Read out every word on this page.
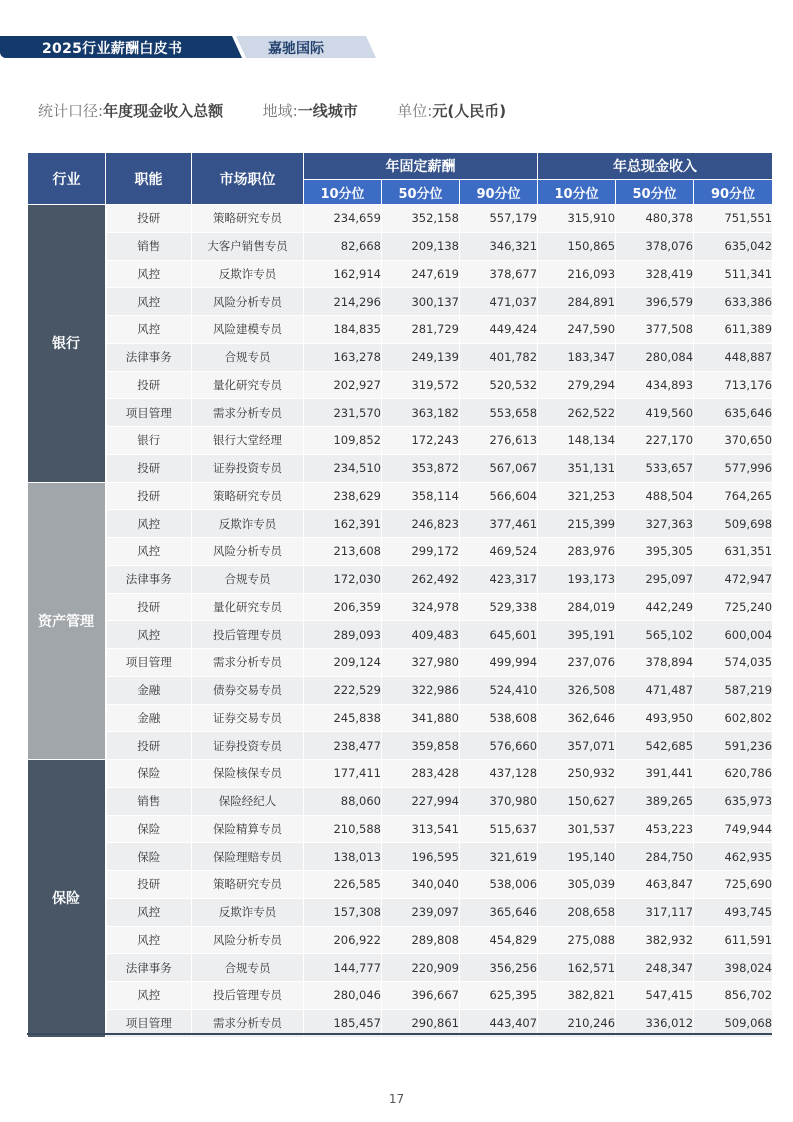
2025行业薪酬白皮书	嘉驰国际
统计口径:年度现金收入总额	地域:一线城市	单位:元(人民币)
行业	职能	市场职位	年固定薪酬			年总现金收入		
			10分位	50分位	90分位	10分位	50分位	90分位
银行	投研	策略研究专员	234,659	352,158	557,179	315,910	480,378	751,551
	销售	大客户销售专员	82,668	209,138	346,321	150,865	378,076	635,042
	风控	反欺诈专员	162,914	247,619	378,677	216,093	328,419	511,341
	风控	风险分析专员	214,296	300,137	471,037	284,891	396,579	633,386
	风控	风险建模专员	184,835	281,729	449,424	247,590	377,508	611,389
	法律事务	合规专员	163,278	249,139	401,782	183,347	280,084	448,887
	投研	量化研究专员	202,927	319,572	520,532	279,294	434,893	713,176
	项目管理	需求分析专员	231,570	363,182	553,658	262,522	419,560	635,646
	银行	银行大堂经理	109,852	172,243	276,613	148,134	227,170	370,650
	投研	证券投资专员	234,510	353,872	567,067	351,131	533,657	577,996
资产管理	投研	策略研究专员	238,629	358,114	566,604	321,253	488,504	764,265
	风控	反欺诈专员	162,391	246,823	377,461	215,399	327,363	509,698
	风控	风险分析专员	213,608	299,172	469,524	283,976	395,305	631,351
	法律事务	合规专员	172,030	262,492	423,317	193,173	295,097	472,947
	投研	量化研究专员	206,359	324,978	529,338	284,019	442,249	725,240
	风控	投后管理专员	289,093	409,483	645,601	395,191	565,102	600,004
	项目管理	需求分析专员	209,124	327,980	499,994	237,076	378,894	574,035
	金融	债券交易专员	222,529	322,986	524,410	326,508	471,487	587,219
	金融	证券交易专员	245,838	341,880	538,608	362,646	493,950	602,802
	投研	证券投资专员	238,477	359,858	576,660	357,071	542,685	591,236
保险	保险	保险核保专员	177,411	283,428	437,128	250,932	391,441	620,786
	销售	保险经纪人	88,060	227,994	370,980	150,627	389,265	635,973
	保险	保险精算专员	210,588	313,541	515,637	301,537	453,223	749,944
	保险	保险理赔专员	138,013	196,595	321,619	195,140	284,750	462,935
	投研	策略研究专员	226,585	340,040	538,006	305,039	463,847	725,690
	风控	反欺诈专员	157,308	239,097	365,646	208,658	317,117	493,745
	风控	风险分析专员	206,922	289,808	454,829	275,088	382,932	611,591
	法律事务	合规专员	144,777	220,909	356,256	162,571	248,347	398,024
	风控	投后管理专员	280,046	396,667	625,395	382,821	547,415	856,702
	项目管理	需求分析专员	185,457	290,861	443,407	210,246	336,012	509,068
17
